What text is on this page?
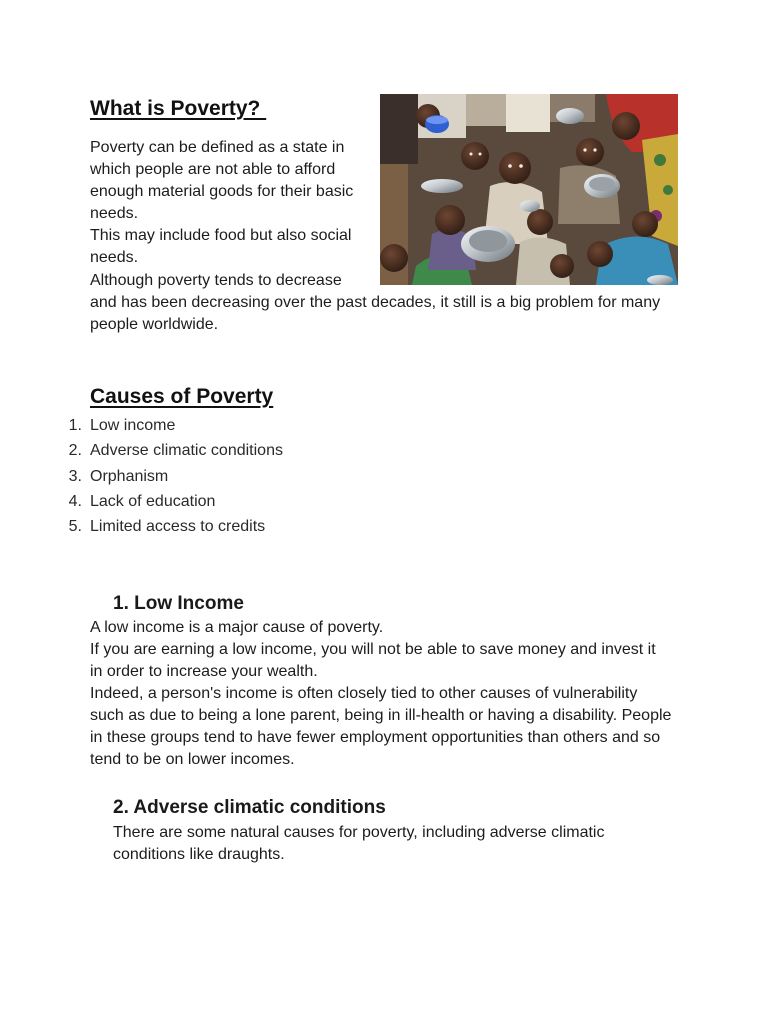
What is Poverty?
Poverty can be defined as a state in
which people are not able to afford
enough material goods for their basic
needs.
This may include food but also social
needs.
Although poverty tends to decrease
and has been decreasing over the past decades, it still is a big problem for many
people worldwide.
Causes of Poverty
1. Low income
2. Adverse climatic conditions
3. Orphanism
4. Lack of education
5. Limited access to credits
1. Low Income
A low income is a major cause of poverty.
If you are earning a low income, you will not be able to save money and invest it
in order to increase your wealth.
Indeed, a person's income is often closely tied to other causes of vulnerability
such as due to being a lone parent, being in ill-health or having a disability. People
in these groups tend to have fewer employment opportunities than others and so
tend to be on lower incomes.
2. Adverse climatic conditions
There are some natural causes for poverty, including adverse climatic
conditions like draughts.
